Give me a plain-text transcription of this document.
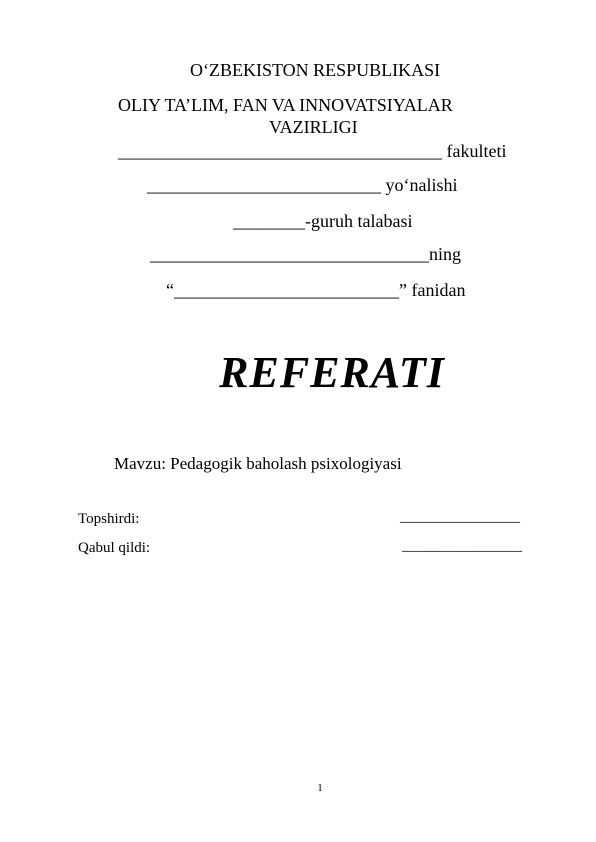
O‘ZBEKISTON RESPUBLIKASI
OLIY TA’LIM, FAN VA INNOVATSIYALAR
VAZIRLIGI
____________________________________ fakulteti
__________________________ yo‘nalishi
________-guruh talabasi
_______________________________ning
“_________________________” fanidan
REFERATI
Mavzu: Pedagogik baholash psixologiyasi
Topshirdi:	________________
Qabul qildi:	________________
1
